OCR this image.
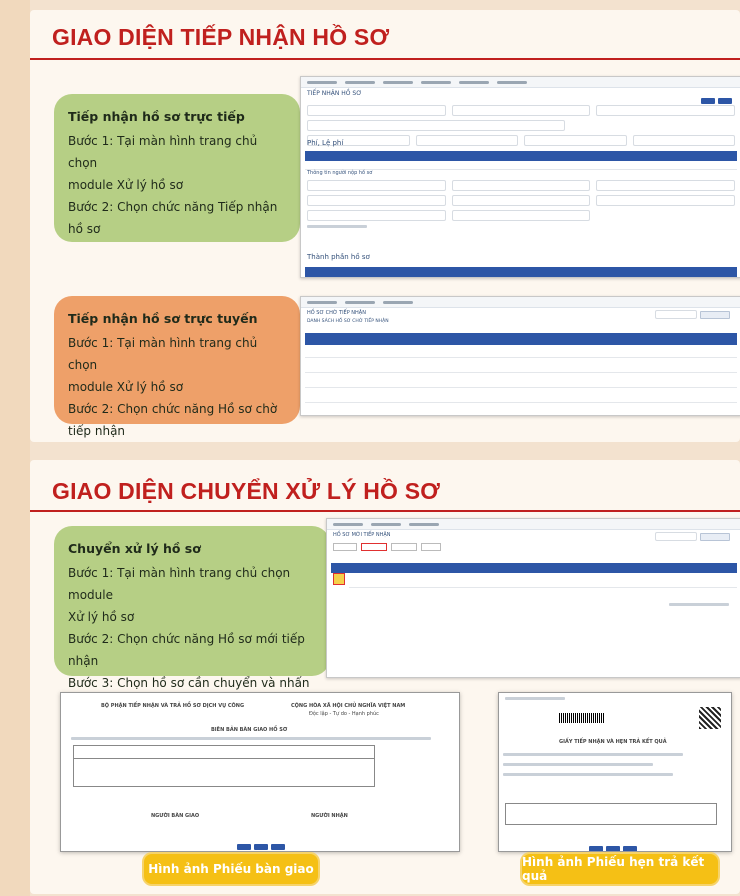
GIAO DIỆN TIẾP NHẬN HỒ SƠ
Tiếp nhận hồ sơ trực tiếp
Bước 1: Tại màn hình trang chủ chọn
module Xử lý hồ sơ
Bước 2: Chọn chức năng Tiếp nhận
hồ sơ
Tiếp nhận hồ sơ trực tuyến
Bước 1: Tại màn hình trang chủ chọn
module Xử lý hồ sơ
Bước 2: Chọn chức năng Hồ sơ chờ
tiếp nhận
TIẾP NHẬN HỒ SƠ
Phí, Lệ phí
Thông tin người nộp hồ sơ
Thành phần hồ sơ
HỒ SƠ CHỜ TIẾP NHẬN
DANH SÁCH HỒ SƠ CHỜ TIẾP NHẬN
GIAO DIỆN CHUYỂN XỬ LÝ HỒ SƠ
Chuyển xử lý hồ sơ
Bước 1: Tại màn hình trang chủ chọn module
Xử lý hồ sơ
Bước 2: Chọn chức năng Hồ sơ mới tiếp nhận
Bước 3: Chọn hồ sơ cần chuyển và nhấn
HỒ SƠ MỚI TIẾP NHẬN
BỘ PHẬN TIẾP NHẬN VÀ TRẢ HỒ SƠ DỊCH VỤ CÔNG	CỘNG HÒA XÃ HỘI CHỦ NGHĨA VIỆT NAM
Độc lập - Tự do - Hạnh phúc
BIÊN BẢN BÀN GIAO HỒ SƠ
NGƯỜI BÀN GIAO	NGƯỜI NHẬN
GIẤY TIẾP NHẬN VÀ HẸN TRẢ KẾT QUẢ
Hình ảnh Phiếu bàn giao	Hình ảnh Phiếu hẹn trả kết quả
